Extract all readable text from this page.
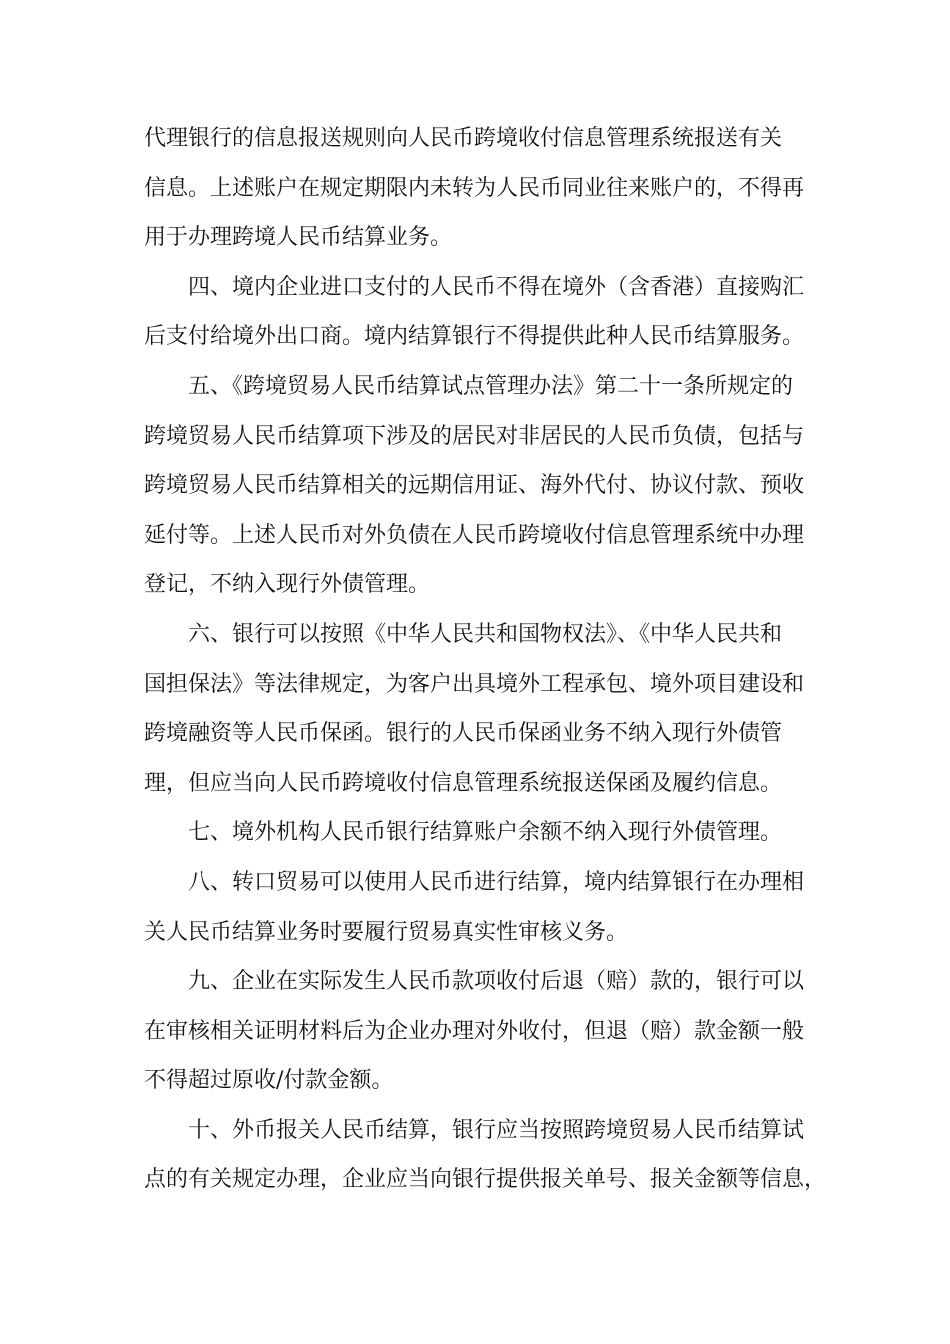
代理银行的信息报送规则向人民币跨境收付信息管理系统报送有关
信息。上述账户在规定期限内未转为人民币同业往来账户的，不得再
用于办理跨境人民币结算业务。

四、境内企业进口支付的人民币不得在境外（含香港）直接购汇
后支付给境外出口商。境内结算银行不得提供此种人民币结算服务。

五、《跨境贸易人民币结算试点管理办法》第二十一条所规定的
跨境贸易人民币结算项下涉及的居民对非居民的人民币负债，包括与
跨境贸易人民币结算相关的远期信用证、海外代付、协议付款、预收
延付等。上述人民币对外负债在人民币跨境收付信息管理系统中办理
登记，不纳入现行外债管理。

六、银行可以按照《中华人民共和国物权法》、《中华人民共和
国担保法》等法律规定，为客户出具境外工程承包、境外项目建设和
跨境融资等人民币保函。银行的人民币保函业务不纳入现行外债管
理，但应当向人民币跨境收付信息管理系统报送保函及履约信息。

七、境外机构人民币银行结算账户余额不纳入现行外债管理。

八、转口贸易可以使用人民币进行结算，境内结算银行在办理相
关人民币结算业务时要履行贸易真实性审核义务。

九、企业在实际发生人民币款项收付后退（赔）款的，银行可以
在审核相关证明材料后为企业办理对外收付，但退（赔）款金额一般
不得超过原收/付款金额。

十、外币报关人民币结算，银行应当按照跨境贸易人民币结算试
点的有关规定办理，企业应当向银行提供报关单号、报关金额等信息，
